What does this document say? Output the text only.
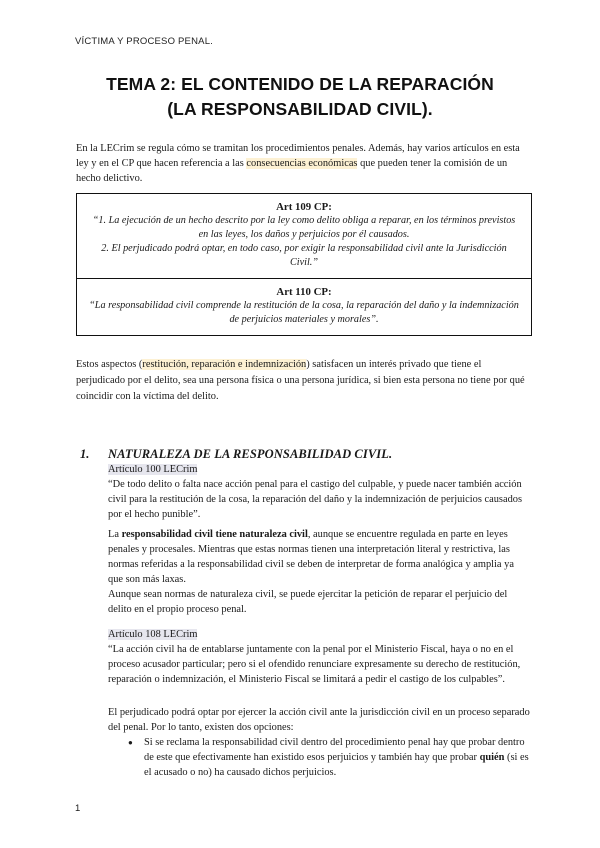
VÍCTIMA Y PROCESO PENAL.
TEMA 2: EL CONTENIDO DE LA REPARACIÓN
(LA RESPONSABILIDAD CIVIL).
En la LECrim se regula cómo se tramitan los procedimientos penales. Además, hay varios artículos en esta ley y en el CP que hacen referencia a las consecuencias económicas que pueden tener la comisión de un hecho delictivo.
Art 109 CP:
“1. La ejecución de un hecho descrito por la ley como delito obliga a reparar, en los términos previstos en las leyes, los daños y perjuicios por él causados.
2. El perjudicado podrá optar, en todo caso, por exigir la responsabilidad civil ante la Jurisdicción Civil.”
Art 110 CP:
“La responsabilidad civil comprende la restitución de la cosa, la reparación del daño y la indemnización de perjuicios materiales y morales”.
Estos aspectos (restitución, reparación e indemnización) satisfacen un interés privado que tiene el perjudicado por el delito, sea una persona física o una persona jurídica, si bien esta persona no tiene por qué coincidir con la víctima del delito.
1. NATURALEZA DE LA RESPONSABILIDAD CIVIL.
Artículo 100 LECrim
“De todo delito o falta nace acción penal para el castigo del culpable, y puede nacer también acción civil para la restitución de la cosa, la reparación del daño y la indemnización de perjuicios causados por el hecho punible”.
La responsabilidad civil tiene naturaleza civil, aunque se encuentre regulada en parte en leyes penales y procesales. Mientras que estas normas tienen una interpretación literal y restrictiva, las normas referidas a la responsabilidad civil se deben de interpretar de forma analógica y amplia ya que son más laxas.
Aunque sean normas de naturaleza civil, se puede ejercitar la petición de reparar el perjuicio del delito en el propio proceso penal.
Artículo 108 LECrim
“La acción civil ha de entablarse juntamente con la penal por el Ministerio Fiscal, haya o no en el proceso acusador particular; pero si el ofendido renunciare expresamente su derecho de restitución, reparación o indemnización, el Ministerio Fiscal se limitará a pedir el castigo de los culpables”.
El perjudicado podrá optar por ejercer la acción civil ante la jurisdicción civil en un proceso separado del penal. Por lo tanto, existen dos opciones:
● Si se reclama la responsabilidad civil dentro del procedimiento penal hay que probar dentro de este que efectivamente han existido esos perjuicios y también hay que probar quién (si es el acusado o no) ha causado dichos perjuicios.
1
